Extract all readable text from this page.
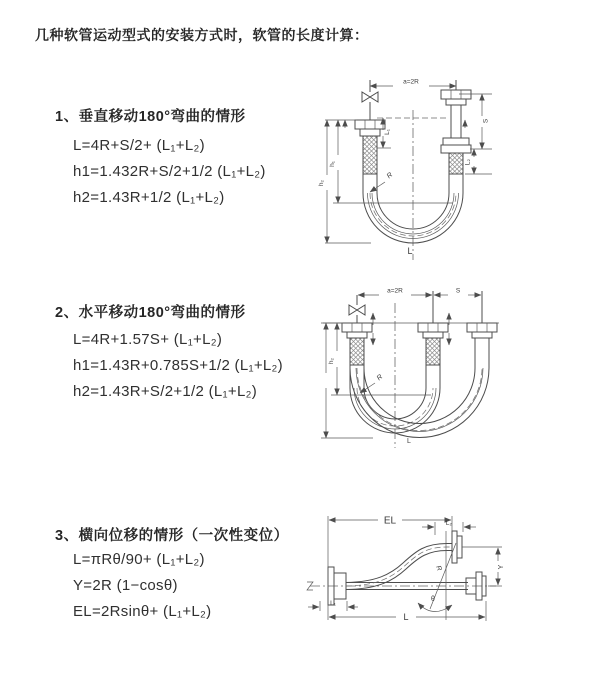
几种软管运动型式的安装方式时，软管的长度计算：
1、垂直移动180°弯曲的情形
L=4R+S/2+ (L₁+L₂)
h1=1.432R+S/2+1/2 (L₁+L₂)
h2=1.43R+1/2 (L₁+L₂)
2、水平移动180°弯曲的情形
L=4R+1.57S+ (L₁+L₂)
h1=1.43R+0.785S+1/2 (L₁+L₂)
h2=1.43R+S/2+1/2 (L₁+L₂)
3、横向位移的情形（一次性变位）
L=πRθ/90+ (L₁+L₂)
Y=2R (1−cosθ)
EL=2Rsinθ+ (L₁+L₂)
a=2R
L₁
S
L₂
h₁
h₂
R
L
a=2R	S
h₂
R
L
EL	L₂
Y
θ
R
L₁
L
